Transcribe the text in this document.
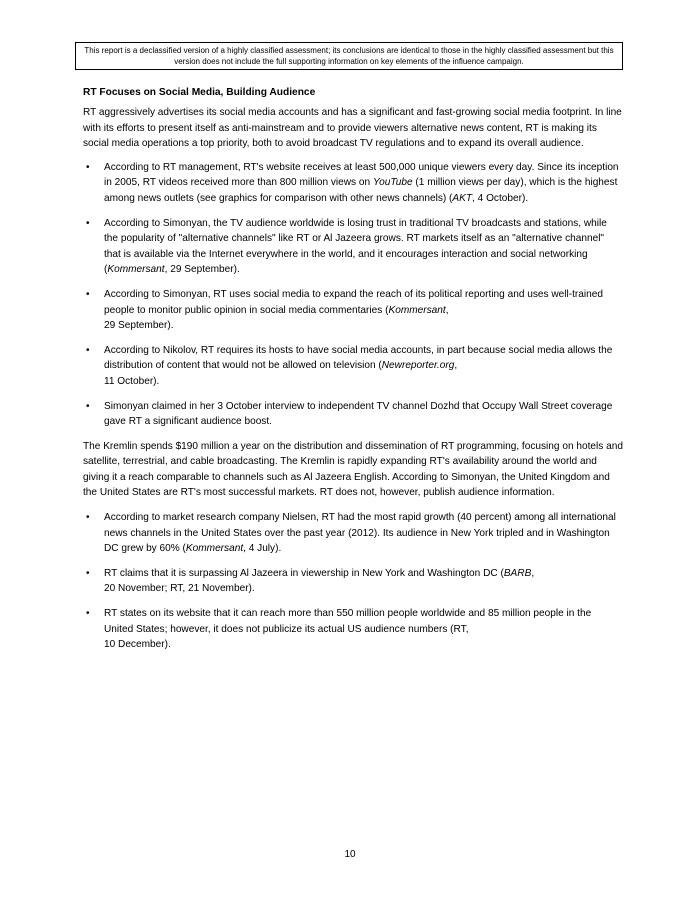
This report is a declassified version of a highly classified assessment; its conclusions are identical to those in the highly classified assessment but this version does not include the full supporting information on key elements of the influence campaign.
RT Focuses on Social Media, Building Audience

RT aggressively advertises its social media accounts and has a significant and fast-growing social media footprint. In line with its efforts to present itself as anti-mainstream and to provide viewers alternative news content, RT is making its social media operations a top priority, both to avoid broadcast TV regulations and to expand its overall audience.

• According to RT management, RT's website receives at least 500,000 unique viewers every day. Since its inception in 2005, RT videos received more than 800 million views on YouTube (1 million views per day), which is the highest among news outlets (see graphics for comparison with other news channels) (AKT, 4 October).
• According to Simonyan, the TV audience worldwide is losing trust in traditional TV broadcasts and stations, while the popularity of "alternative channels" like RT or Al Jazeera grows. RT markets itself as an "alternative channel" that is available via the Internet everywhere in the world, and it encourages interaction and social networking (Kommersant, 29 September).
• According to Simonyan, RT uses social media to expand the reach of its political reporting and uses well-trained people to monitor public opinion in social media commentaries (Kommersant,
29 September).
• According to Nikolov, RT requires its hosts to have social media accounts, in part because social media allows the distribution of content that would not be allowed on television (Newreporter.org,
11 October).
• Simonyan claimed in her 3 October interview to independent TV channel Dozhd that Occupy Wall Street coverage gave RT a significant audience boost.

The Kremlin spends $190 million a year on the distribution and dissemination of RT programming, focusing on hotels and satellite, terrestrial, and cable broadcasting. The Kremlin is rapidly expanding RT's availability around the world and giving it a reach comparable to channels such as Al Jazeera English. According to Simonyan, the United Kingdom and the United States are RT's most successful markets. RT does not, however, publish audience information.

• According to market research company Nielsen, RT had the most rapid growth (40 percent) among all international news channels in the United States over the past year (2012). Its audience in New York tripled and in Washington DC grew by 60% (Kommersant, 4 July).
• RT claims that it is surpassing Al Jazeera in viewership in New York and Washington DC (BARB,
20 November; RT, 21 November).
• RT states on its website that it can reach more than 550 million people worldwide and 85 million people in the United States; however, it does not publicize its actual US audience numbers (RT,
10 December).
10
